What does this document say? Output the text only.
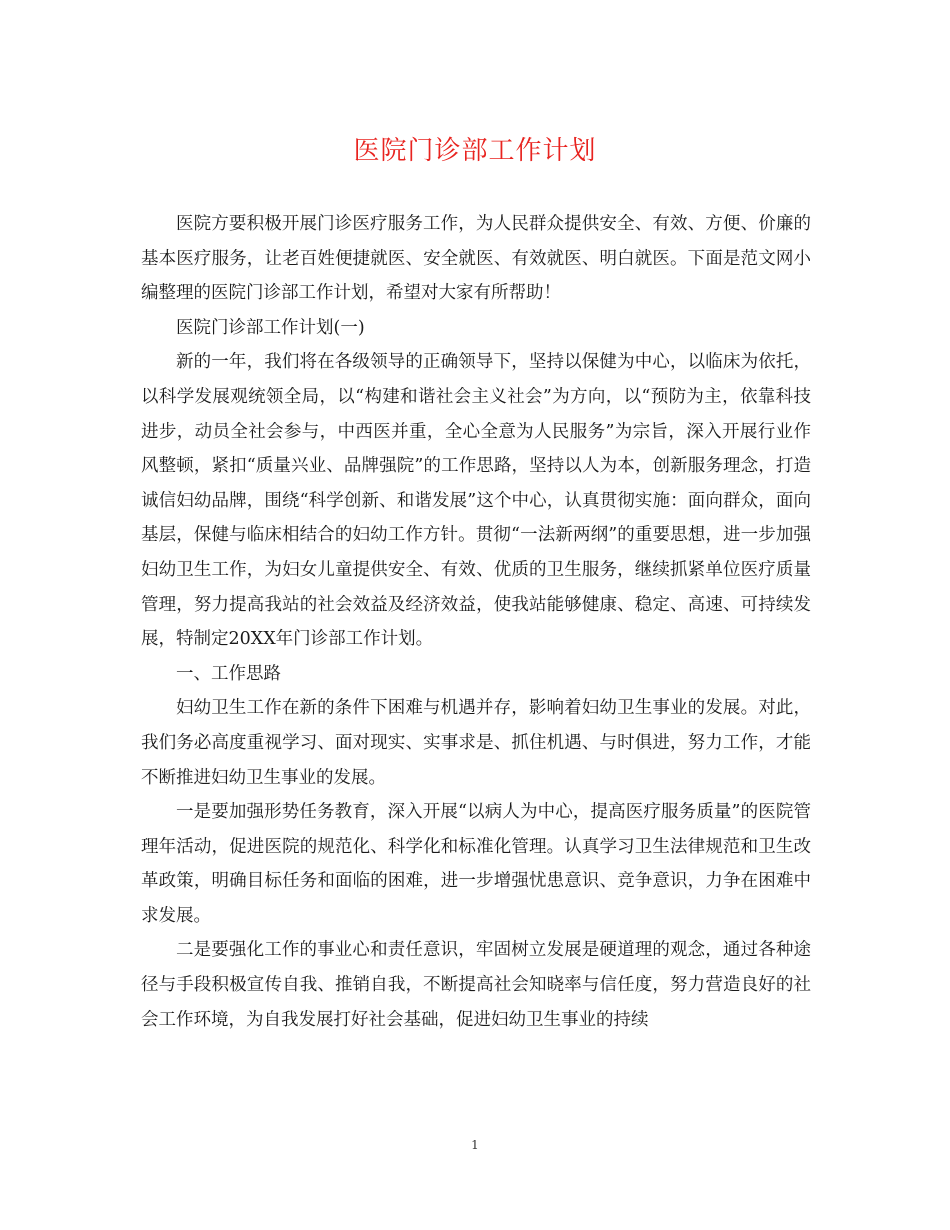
医院门诊部工作计划

医院方要积极开展门诊医疗服务工作，为人民群众提供安全、有效、方便、价廉的基本医疗服务，让老百姓便捷就医、安全就医、有效就医、明白就医。下面是范文网小编整理的医院门诊部工作计划，希望对大家有所帮助！

医院门诊部工作计划(一)

新的一年，我们将在各级领导的正确领导下，坚持以保健为中心，以临床为依托，以科学发展观统领全局，以“构建和谐社会主义社会”为方向，以“预防为主，依靠科技进步，动员全社会参与，中西医并重，全心全意为人民服务”为宗旨，深入开展行业作风整顿，紧扣“质量兴业、品牌强院”的工作思路，坚持以人为本，创新服务理念，打造诚信妇幼品牌，围绕“科学创新、和谐发展”这个中心，认真贯彻实施：面向群众，面向基层，保健与临床相结合的妇幼工作方针。贯彻“一法新两纲”的重要思想，进一步加强妇幼卫生工作，为妇女儿童提供安全、有效、优质的卫生服务，继续抓紧单位医疗质量管理，努力提高我站的社会效益及经济效益，使我站能够健康、稳定、高速、可持续发展，特制定20XX年门诊部工作计划。

一、工作思路

妇幼卫生工作在新的条件下困难与机遇并存，影响着妇幼卫生事业的发展。对此，我们务必高度重视学习、面对现实、实事求是、抓住机遇、与时俱进，努力工作，才能不断推进妇幼卫生事业的发展。

一是要加强形势任务教育，深入开展“以病人为中心，提高医疗服务质量”的医院管理年活动，促进医院的规范化、科学化和标准化管理。认真学习卫生法律规范和卫生改革政策，明确目标任务和面临的困难，进一步增强忧患意识、竞争意识，力争在困难中求发展。

二是要强化工作的事业心和责任意识，牢固树立发展是硬道理的观念，通过各种途径与手段积极宣传自我、推销自我，不断提高社会知晓率与信任度，努力营造良好的社会工作环境，为自我发展打好社会基础，促进妇幼卫生事业的持续

1
